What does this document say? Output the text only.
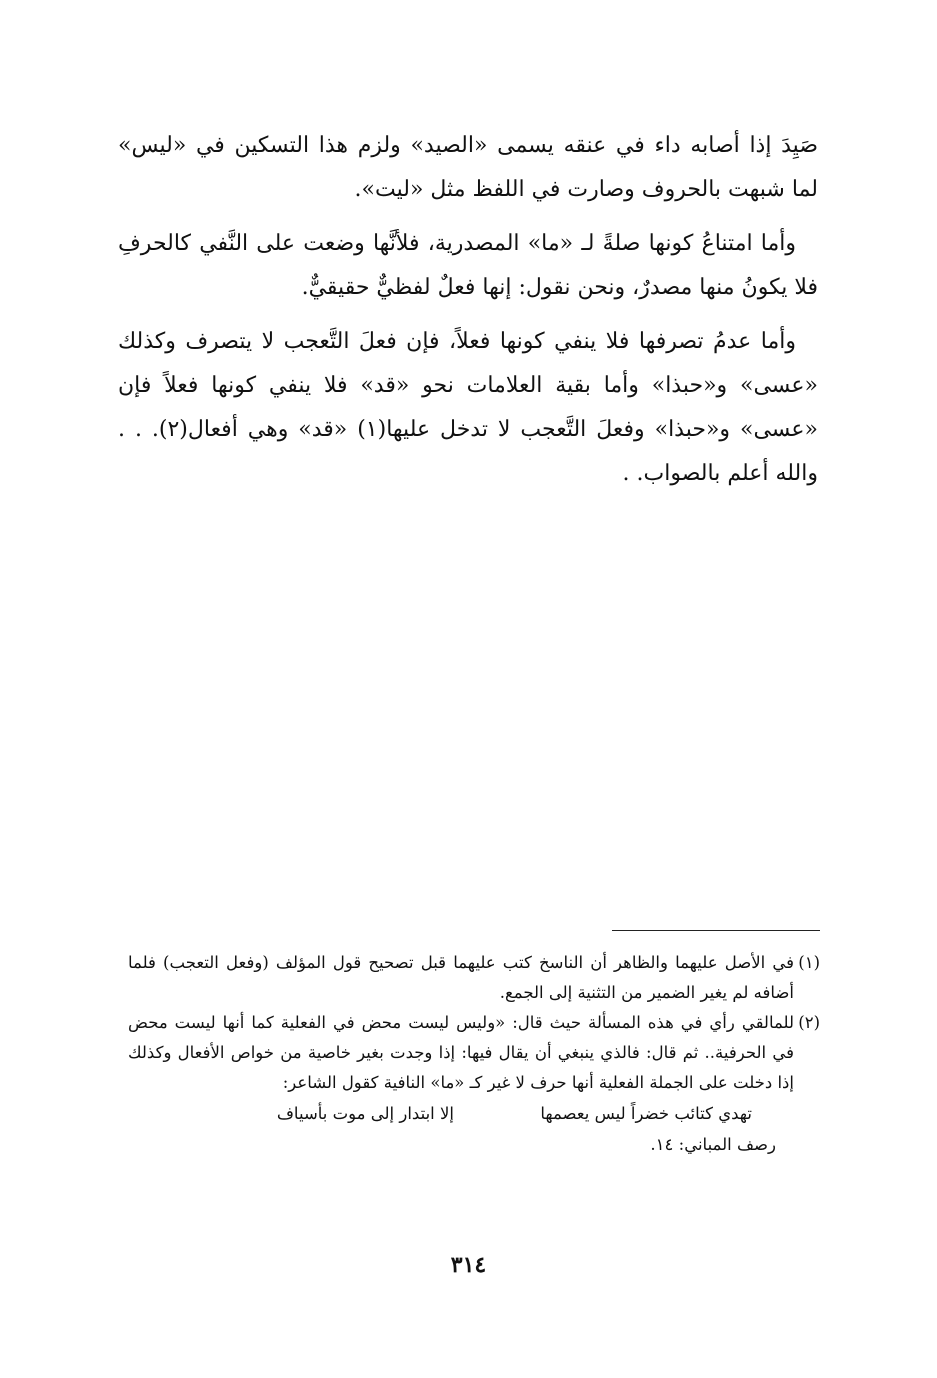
صَيِدَ إذا أصابه داء في عنقه يسمى «الصيد» ولزم هذا التسكين في «ليس» لما شبهت بالحروف وصارت في اللفظ مثل «ليت».

وأما امتناعُ كونها صلةً لـ «ما» المصدرية، فلأنَّها وضعت على النَّفي كالحرفِ فلا يكونُ منها مصدرٌ، ونحن نقول: إنها فعلٌ لفظيٌّ حقيقيٌّ.

وأما عدمُ تصرفها فلا ينفي كونها فعلاً، فإن فعلَ التَّعجب لا يتصرف وكذلك «عسى» و«حبذا» وأما بقية العلامات نحو «قد» فلا ينفي كونها فعلاً فإن «عسى» و«حبذا» وفعلَ التَّعجب لا تدخل عليها(١) «قد» وهي أفعال(٢). . . والله أعلم بالصواب. .

(١)
في الأصل عليهما والظاهر أن الناسخ كتب عليهما قبل تصحيح قول المؤلف (وفعل التعجب) فلما أضافه لم يغير الضمير من التثنية إلى الجمع.

(٢)
للمالقي رأي في هذه المسألة حيث قال: «وليس ليست محض في الفعلية كما أنها ليست محض في الحرفية.. ثم قال: فالذي ينبغي أن يقال فيها: إذا وجدت بغير خاصية من خواص الأفعال وكذلك إذا دخلت على الجملة الفعلية أنها حرف لا غير كـ «ما» النافية كقول الشاعر:

تهدي كتائب خضراً ليس يعصمها
إلا ابتدار إلى موت بأسياف
رصف المباني: ١٤.
٣١٤
